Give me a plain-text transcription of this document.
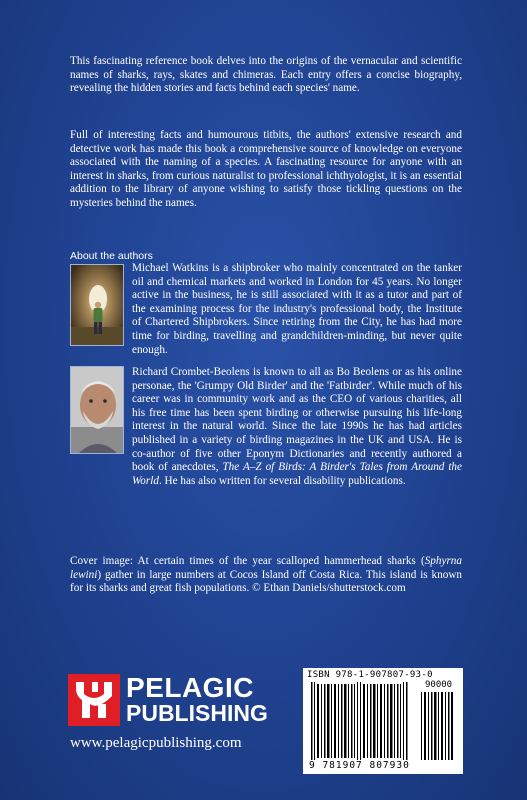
This fascinating reference book delves into the origins of the vernacular and scientific names of sharks, rays, skates and chimeras. Each entry offers a concise biography, revealing the hidden stories and facts behind each species' name.

Full of interesting facts and humourous titbits, the authors' extensive research and detective work has made this book a comprehensive source of knowledge on everyone associated with the naming of a species. A fascinating resource for anyone with an interest in sharks, from curious naturalist to professional ichthyologist, it is an essential addition to the library of anyone wishing to satisfy those tickling questions on the mysteries behind the names.

About the authors
Michael Watkins is a shipbroker who mainly concentrated on the tanker oil and chemical markets and worked in London for 45 years. No longer active in the business, he is still associated with it as a tutor and part of the examining process for the industry's professional body, the Institute of Chartered Shipbrokers. Since retiring from the City, he has had more time for birding, travelling and grandchildren-minding, but never quite enough.
Richard Crombet-Beolens is known to all as Bo Beolens or as his online personae, the 'Grumpy Old Birder' and the 'Fatbirder'. While much of his career was in community work and as the CEO of various charities, all his free time has been spent birding or otherwise pursuing his life-long interest in the natural world. Since the late 1990s he has had articles published in a variety of birding magazines in the UK and USA. He is co-author of five other Eponym Dictionaries and recently authored a book of anecdotes, The A–Z of Birds: A Birder's Tales from Around the World. He has also written for several disability publications.
Cover image: At certain times of the year scalloped hammerhead sharks (Sphyrna lewini) gather in large numbers at Cocos Island off Costa Rica. This island is known for its sharks and great fish populations. © Ethan Daniels/shutterstock.com
PELAGIC
PUBLISHING
www.pelagicpublishing.com
ISBN 978-1-907807-93-0
90000
9 781907 807930
